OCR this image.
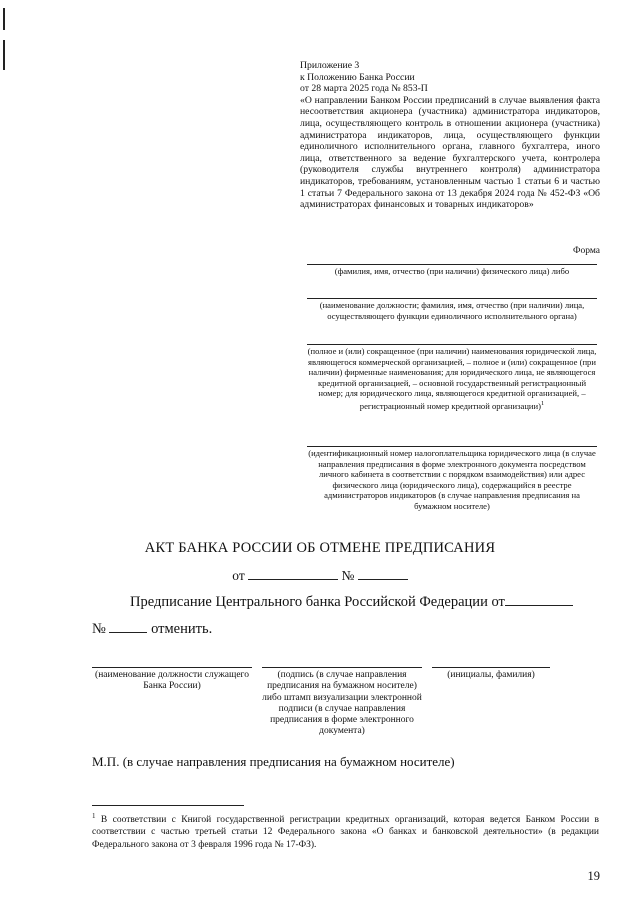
Приложение 3
к Положению Банка России
от 28 марта 2025 года № 853-П
«О направлении Банком России предписаний в случае выявления факта несоответствия акционера (участника) администратора индикаторов, лица, осуществляющего контроль в отношении акционера (участника) администратора индикаторов, лица, осуществляющего функции единоличного исполнительного органа, главного бухгалтера, иного лица, ответственного за ведение бухгалтерского учета, контролера (руководителя службы внутреннего контроля) администратора индикаторов, требованиям, установленным частью 1 статьи 6 и частью 1 статьи 7 Федерального закона от 13 декабря 2024 года № 452-ФЗ «Об администраторах финансовых и товарных индикаторов»
Форма
(фамилия, имя, отчество (при наличии) физического лица) либо
(наименование должности; фамилия, имя, отчество (при наличии) лица, осуществляющего функции единоличного исполнительного органа)
(полное и (или) сокращенное (при наличии) наименования юридической лица, являющегося коммерческой организацией, – полное и (или) сокращенное (при наличии) фирменные наименования; для юридического лица, не являющегося кредитной организацией, – основной государственный регистрационный номер; для юридического лица, являющегося кредитной организацией, – регистрационный номер кредитной организации)$^1$
(идентификационный номер налогоплательщика юридического лица (в случае направления предписания в форме электронного документа посредством личного кабинета в соответствии с порядком взаимодействия) или адрес физического лица (юридического лица), содержащийся в реестре администраторов индикаторов (в случае направления предписания на бумажном носителе)
АКТ БАНКА РОССИИ ОБ ОТМЕНЕ ПРЕДПИСАНИЯ
от	№
Предписание Центрального банка Российской Федерации от
№	отменить.
(наименование должности служащего Банка России)
(подпись (в случае направления предписания на бумажном носителе) либо штамп визуализации электронной подписи (в случае направления предписания в форме электронного документа)
(инициалы, фамилия)
М.П. (в случае направления предписания на бумажном носителе)
$^1$ В соответствии с Книгой государственной регистрации кредитных организаций, которая ведется Банком России в соответствии с частью третьей статьи 12 Федерального закона «О банках и банковской деятельности» (в редакции Федерального закона от 3 февраля 1996 года № 17-ФЗ).
19
